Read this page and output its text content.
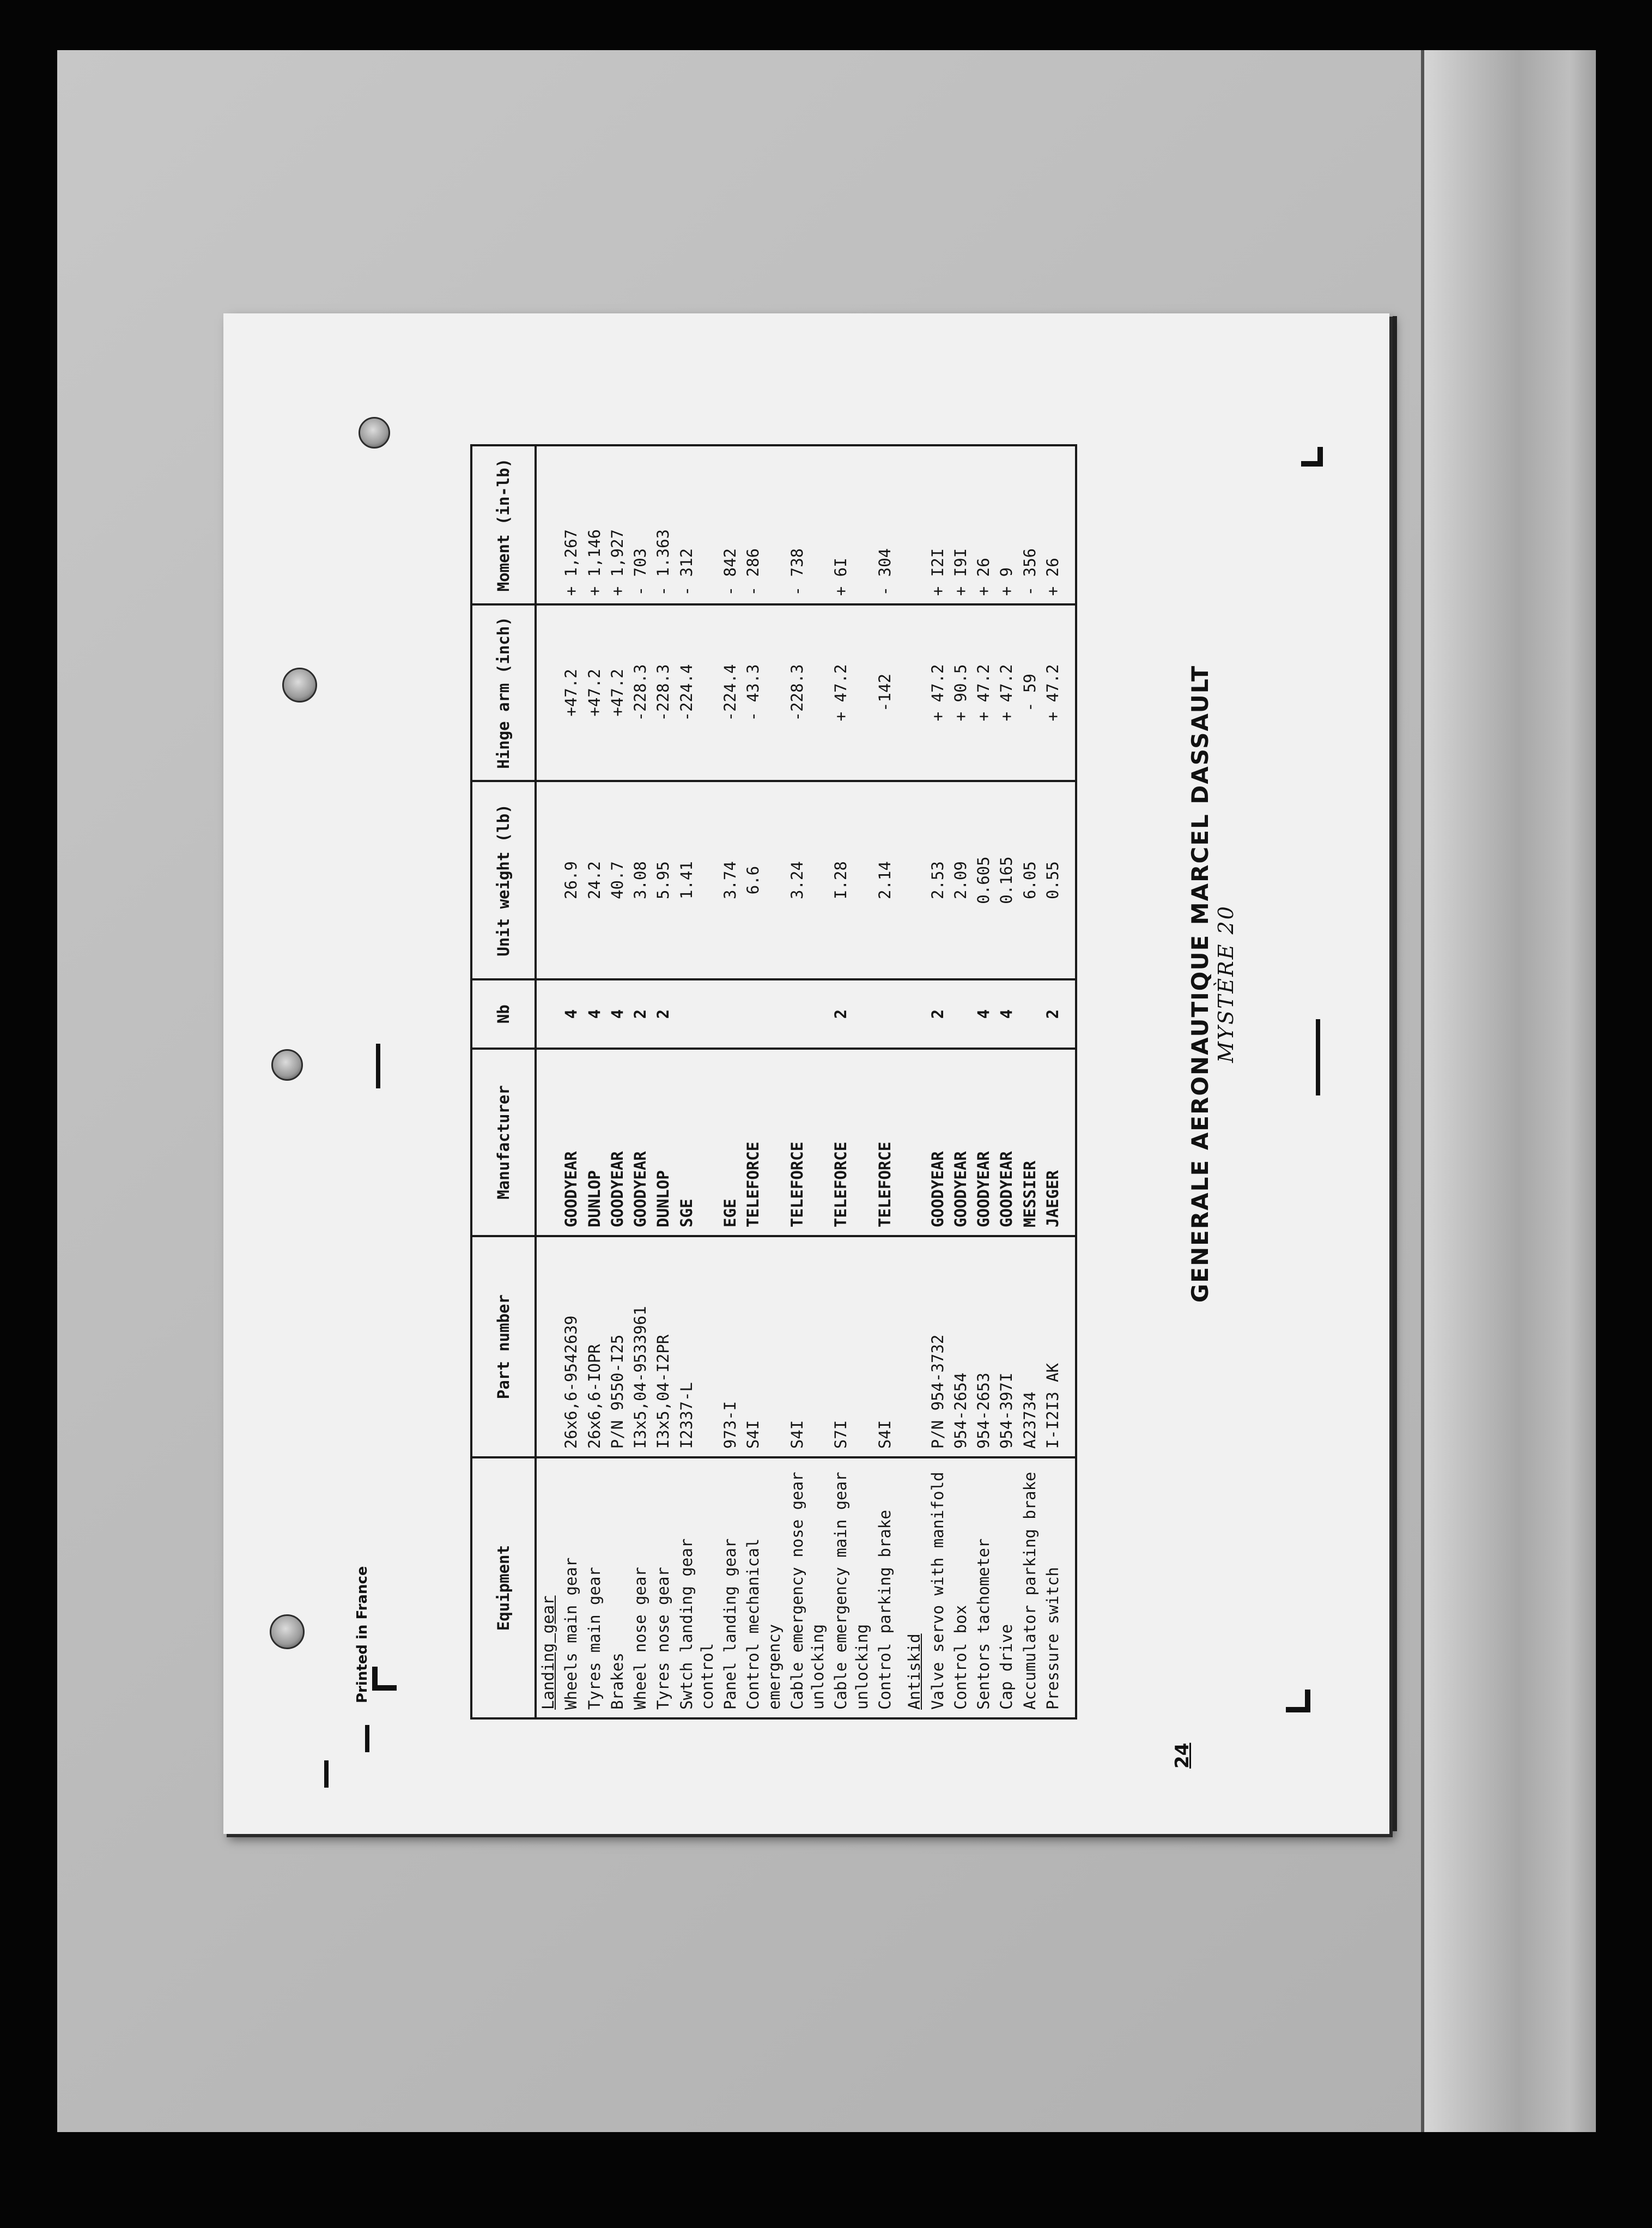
GENERALE AERONAUTIQUE MARCEL DASSAULT MYSTÈRE 20
Printed in France
24
Equipment	Part number	Manufacturer	Nb	Unit weight (lb)	Hinge arm (inch)	Moment (in-lb)
Landing gear						
Wheels main gear	26x6,6-9542639	GOODYEAR	4	26.9	+47.2	+ 1,267
Tyres main gear	26x6,6-IOPR	DUNLOP	4	24.2	+47.2	+ 1,146
Brakes	P/N 9550-I25	GOODYEAR	4	40.7	+47.2	+ 1,927
Wheel nose gear	I3x5,04-9533961	GOODYEAR	2	3.08	-228.3	- 703
Tyres nose gear	I3x5,04-I2PR	DUNLOP	2	5.95	-228.3	- 1.363
Swtch landing gear control	I2337-L	SGE		1.41	-224.4	- 312
Panel landing gear	973-I	EGE		3.74	-224.4	- 842
Control mechanical emergency	S4I	TELEFORCE		6.6	- 43.3	- 286
Cable emergency nose gear unlocking	S4I	TELEFORCE		3.24	-228.3	- 738
Cable emergency main gear unlocking	S7I	TELEFORCE	2	I.28	+ 47.2	+ 6I
Control parking brake	S4I	TELEFORCE		2.14	-142	- 304

Antiskid						
Valve servo with manifold	P/N 954-3732	GOODYEAR	2	2.53	+ 47.2	+ I2I
Control box	954-2654	GOODYEAR		2.09	+ 90.5	+ I9I
Sentors tachometer	954-2653	GOODYEAR	4	0.605	+ 47.2	+ 26
Cap drive	954-397I	GOODYEAR	4	0.165	+ 47.2	+ 9
Accumulator parking brake	A23734	MESSIER		6.05	- 59	- 356
Pressure switch	I-I2I3 AK	JAEGER	2	0.55	+ 47.2	+ 26
